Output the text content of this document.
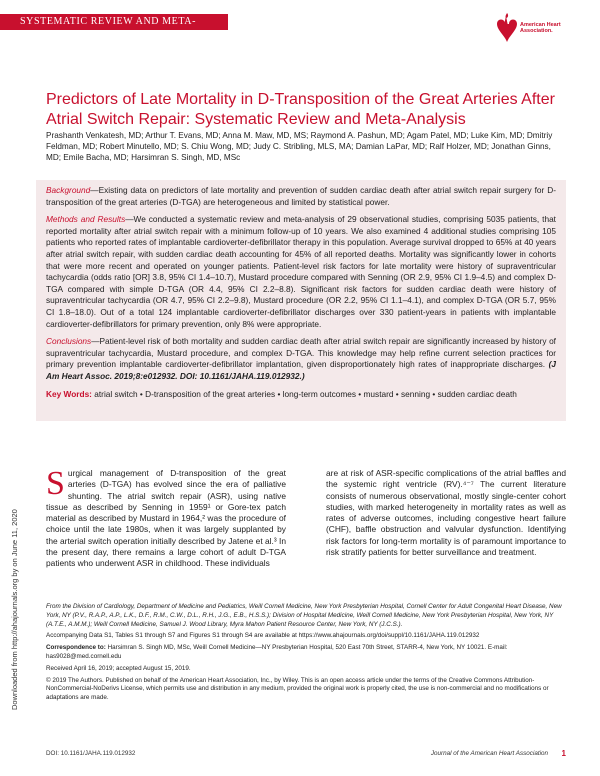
SYSTEMATIC REVIEW AND META-ANALYSIS
American Heart Association.
Predictors of Late Mortality in D-Transposition of the Great Arteries After Atrial Switch Repair: Systematic Review and Meta-Analysis
Prashanth Venkatesh, MD; Arthur T. Evans, MD; Anna M. Maw, MD, MS; Raymond A. Pashun, MD; Agam Patel, MD; Luke Kim, MD; Dmitriy Feldman, MD; Robert Minutello, MD; S. Chiu Wong, MD; Judy C. Stribling, MLS, MA; Damian LaPar, MD; Ralf Holzer, MD; Jonathan Ginns, MD; Emile Bacha, MD; Harsimran S. Singh, MD, MSc

Background—Existing data on predictors of late mortality and prevention of sudden cardiac death after atrial switch repair surgery for D-transposition of the great arteries (D-TGA) are heterogeneous and limited by statistical power.

Methods and Results—We conducted a systematic review and meta-analysis of 29 observational studies, comprising 5035 patients, that reported mortality after atrial switch repair with a minimum follow-up of 10 years. We also examined 4 additional studies comprising 105 patients who reported rates of implantable cardioverter-defibrillator therapy in this population. Average survival dropped to 65% at 40 years after atrial switch repair, with sudden cardiac death accounting for 45% of all reported deaths. Mortality was significantly lower in cohorts that were more recent and operated on younger patients. Patient-level risk factors for late mortality were history of supraventricular tachycardia (odds ratio [OR] 3.8, 95% CI 1.4–10.7), Mustard procedure compared with Senning (OR 2.9, 95% CI 1.9–4.5) and complex D-TGA compared with simple D-TGA (OR 4.4, 95% CI 2.2–8.8). Significant risk factors for sudden cardiac death were history of supraventricular tachycardia (OR 4.7, 95% CI 2.2–9.8), Mustard procedure (OR 2.2, 95% CI 1.1–4.1), and complex D-TGA (OR 5.7, 95% CI 1.8–18.0). Out of a total 124 implantable cardioverter-defibrillator discharges over 330 patient-years in patients with implantable cardioverter-defibrillators for primary prevention, only 8% were appropriate.

Conclusions—Patient-level risk of both mortality and sudden cardiac death after atrial switch repair are significantly increased by history of supraventricular tachycardia, Mustard procedure, and complex D-TGA. This knowledge may help refine current selection practices for primary prevention implantable cardioverter-defibrillator implantation, given disproportionately high rates of inappropriate discharges. (J Am Heart Assoc. 2019;8:e012932. DOI: 10.1161/JAHA.119.012932.)

Key Words: atrial switch • D-transposition of the great arteries • long-term outcomes • mustard • senning • sudden cardiac death

Downloaded from http://ahajournals.org by on June 11, 2020
Surgical management of D-transposition of the great arteries (D-TGA) has evolved since the era of palliative shunting. The atrial switch repair (ASR), using native tissue as described by Senning in 1959¹ or Gore-tex patch material as described by Mustard in 1964,² was the procedure of choice until the late 1980s, when it was largely supplanted by the arterial switch operation initially described by Jatene et al.³ In the present day, there remains a large cohort of adult D-TGA patients who underwent ASR in childhood. These individuals
are at risk of ASR-specific complications of the atrial baffles and the systemic right ventricle (RV).⁴⁻⁷ The current literature consists of numerous observational, mostly single-center cohort studies, with marked heterogeneity in mortality rates as well as rates of adverse outcomes, including congestive heart failure (CHF), baffle obstruction and valvular dysfunction. Identifying risk factors for long-term mortality is of paramount importance to risk stratify patients for better surveillance and treatment.

From the Division of Cardiology, Department of Medicine and Pediatrics, Weill Cornell Medicine, New York Presbyterian Hospital, Cornell Center for Adult Congenital Heart Disease, New York, NY (P.V., R.A.P., A.P., L.K., D.F., R.M., C.W., D.L., R.H., J.G., E.B., H.S.S.); Division of Hospital Medicine, Weill Cornell Medicine, New York Presbyterian Hospital, New York, NY (A.T.E., A.M.M.); Weill Cornell Medicine, Samuel J. Wood Library, Myra Mahon Patient Resource Center, New York, NY (J.C.S.).

Accompanying Data S1, Tables S1 through S7 and Figures S1 through S4 are available at https://www.ahajournals.org/doi/suppl/10.1161/JAHA.119.012932

Correspondence to: Harsimran S. Singh MD, MSc, Weill Cornell Medicine—NY Presbyterian Hospital, 520 East 70th Street, STARR-4, New York, NY 10021. E-mail: has9028@med.cornell.edu

Received April 16, 2019; accepted August 15, 2019.

© 2019 The Authors. Published on behalf of the American Heart Association, Inc., by Wiley. This is an open access article under the terms of the Creative Commons Attribution-NonCommercial-NoDerivs License, which permits use and distribution in any medium, provided the original work is properly cited, the use is non-commercial and no modifications or adaptations are made.

DOI: 10.1161/JAHA.119.012932	Journal of the American Heart Association 1
